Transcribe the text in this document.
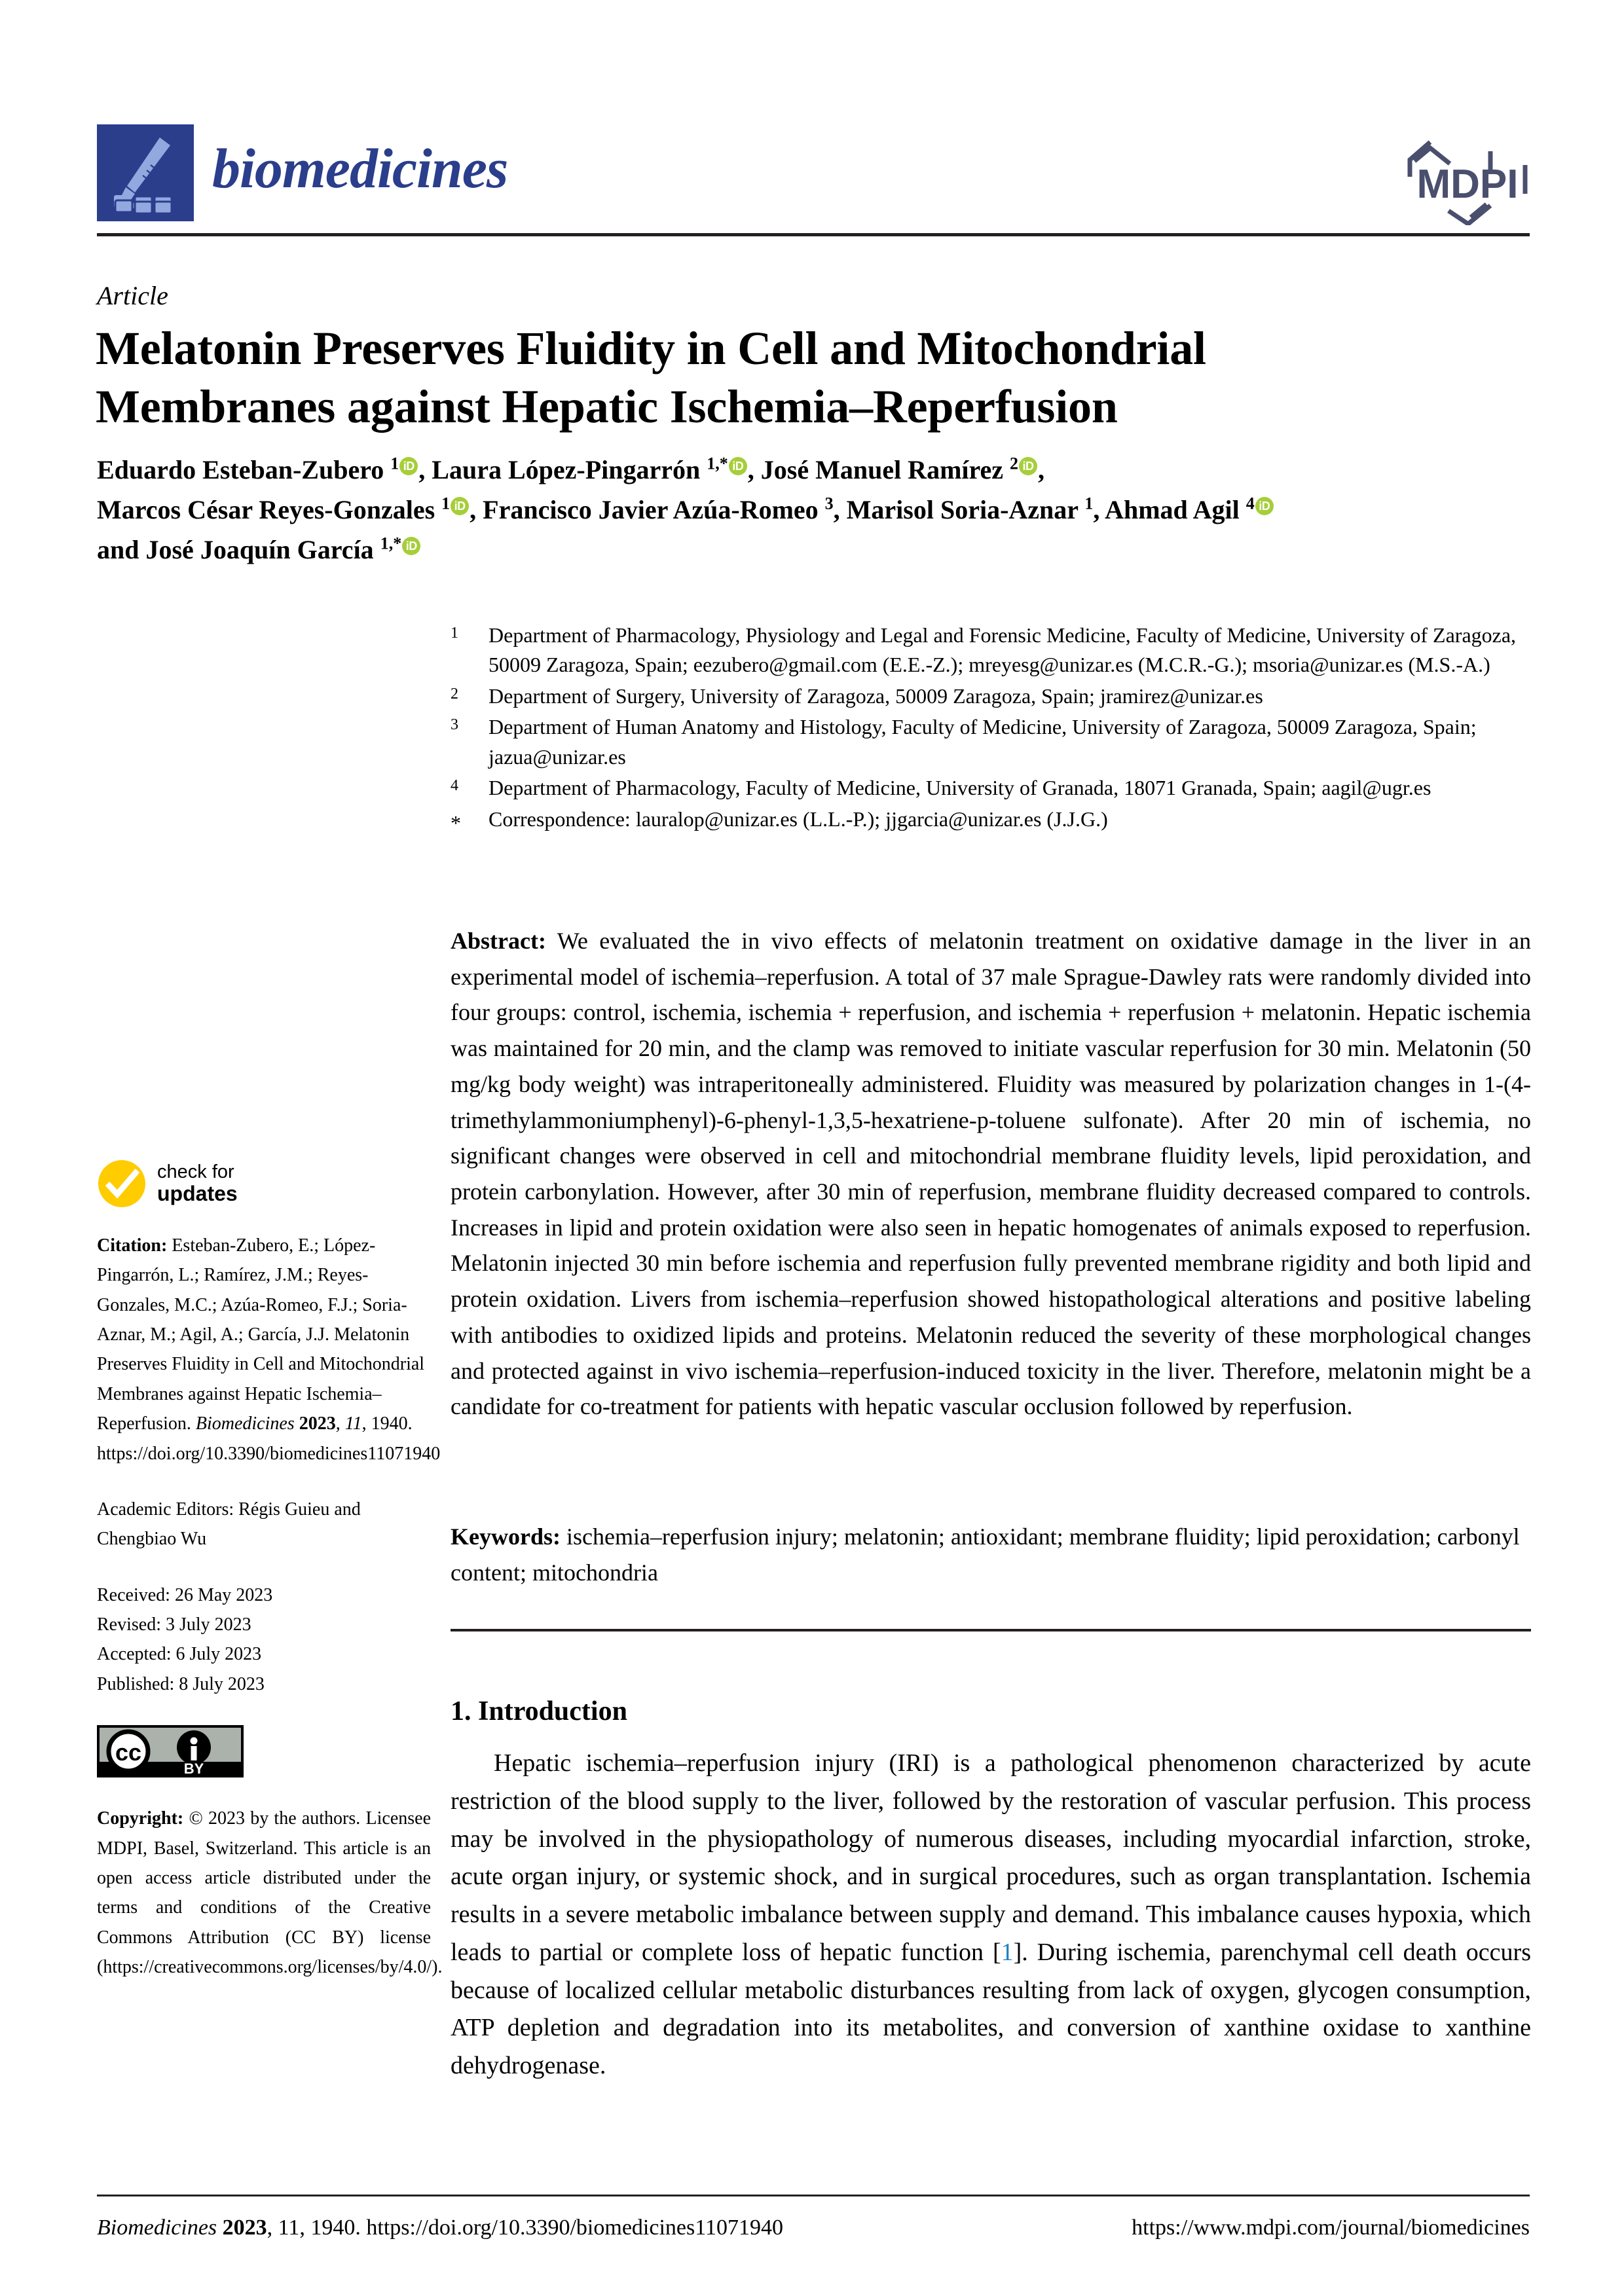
biomedicines	MDPI
Article
Melatonin Preserves Fluidity in Cell and Mitochondrial
Membranes against Hepatic Ischemia–Reperfusion
Eduardo Esteban-Zubero $^1$ iD , Laura López-Pingarrón $^{1,*}$ iD , José Manuel Ramírez $^2$ iD ,
Marcos César Reyes-Gonzales $^1$ iD , Francisco Javier Azúa-Romeo $^3$, Marisol Soria-Aznar $^1$, Ahmad Agil $^4$ iD
and José Joaquín García $^{1,*}$ iD
1	Department of Pharmacology, Physiology and Legal and Forensic Medicine, Faculty of Medicine, University of Zaragoza, 50009 Zaragoza, Spain; eezubero@gmail.com (E.E.-Z.); mreyesg@unizar.es (M.C.R.-G.); msoria@unizar.es (M.S.-A.)
2	Department of Surgery, University of Zaragoza, 50009 Zaragoza, Spain; jramirez@unizar.es
3	Department of Human Anatomy and Histology, Faculty of Medicine, University of Zaragoza, 50009 Zaragoza, Spain; jazua@unizar.es
4	Department of Pharmacology, Faculty of Medicine, University of Granada, 18071 Granada, Spain; aagil@ugr.es
*	Correspondence: lauralop@unizar.es (L.L.-P.); jjgarcia@unizar.es (J.J.G.)
Abstract: We evaluated the in vivo effects of melatonin treatment on oxidative damage in the liver in an experimental model of ischemia–reperfusion. A total of 37 male Sprague-Dawley rats were randomly divided into four groups: control, ischemia, ischemia + reperfusion, and ischemia + reperfusion + melatonin. Hepatic ischemia was maintained for 20 min, and the clamp was removed to initiate vascular reperfusion for 30 min. Melatonin (50 mg/kg body weight) was intraperitoneally administered. Fluidity was measured by polarization changes in 1-(4-trimethylammoniumphenyl)-6-phenyl-1,3,5-hexatriene-p-toluene sulfonate). After 20 min of ischemia, no significant changes were observed in cell and mitochondrial membrane fluidity levels, lipid peroxidation, and protein carbonylation. However, after 30 min of reperfusion, membrane fluidity decreased compared to controls. Increases in lipid and protein oxidation were also seen in hepatic homogenates of animals exposed to reperfusion. Melatonin injected 30 min before ischemia and reperfusion fully prevented membrane rigidity and both lipid and protein oxidation. Livers from ischemia–reperfusion showed histopathological alterations and positive labeling with antibodies to oxidized lipids and proteins. Melatonin reduced the severity of these morphological changes and protected against in vivo ischemia–reperfusion-induced toxicity in the liver. Therefore, melatonin might be a candidate for co-treatment for patients with hepatic vascular occlusion followed by reperfusion.
Keywords: ischemia–reperfusion injury; melatonin; antioxidant; membrane fluidity; lipid peroxidation; carbonyl content; mitochondria
1. Introduction
Hepatic ischemia–reperfusion injury (IRI) is a pathological phenomenon characterized by acute restriction of the blood supply to the liver, followed by the restoration of vascular perfusion. This process may be involved in the physiopathology of numerous diseases, including myocardial infarction, stroke, acute organ injury, or systemic shock, and in surgical procedures, such as organ transplantation. Ischemia results in a severe metabolic imbalance between supply and demand. This imbalance causes hypoxia, which leads to partial or complete loss of hepatic function [1]. During ischemia, parenchymal cell death occurs because of localized cellular metabolic disturbances resulting from lack of oxygen, glycogen consumption, ATP depletion and degradation into its metabolites, and conversion of xanthine oxidase to xanthine dehydrogenase.
check for
updates
Citation: Esteban-Zubero, E.; López-Pingarrón, L.; Ramírez, J.M.; Reyes-Gonzales, M.C.; Azúa-Romeo, F.J.; Soria-Aznar, M.; Agil, A.; García, J.J. Melatonin Preserves Fluidity in Cell and Mitochondrial Membranes against Hepatic Ischemia–Reperfusion. Biomedicines 2023, 11, 1940. https://doi.org/10.3390/biomedicines11071940
Academic Editors: Régis Guieu and Chengbiao Wu
Received: 26 May 2023
Revised: 3 July 2023
Accepted: 6 July 2023
Published: 8 July 2023
cc
BY
Copyright: © 2023 by the authors. Licensee MDPI, Basel, Switzerland. This article is an open access article distributed under the terms and conditions of the Creative Commons Attribution (CC BY) license (https://creativecommons.org/licenses/by/4.0/).
Biomedicines 2023, 11, 1940. https://doi.org/10.3390/biomedicines11071940	https://www.mdpi.com/journal/biomedicines
